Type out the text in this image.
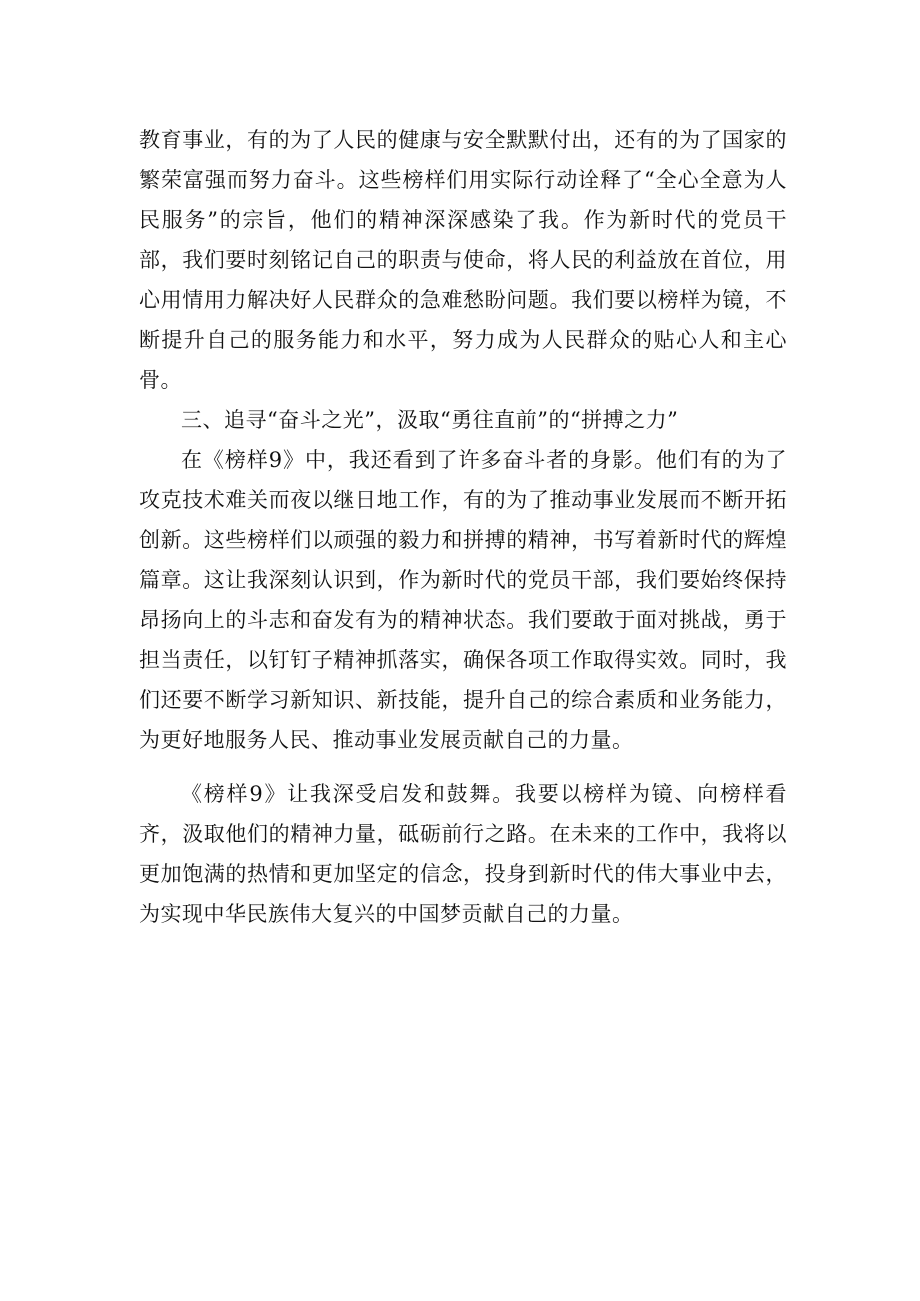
教育事业，有的为了人民的健康与安全默默付出，还有的为了国家的繁荣富强而努力奋斗。这些榜样们用实际行动诠释了“全心全意为人民服务”的宗旨，他们的精神深深感染了我。作为新时代的党员干部，我们要时刻铭记自己的职责与使命，将人民的利益放在首位，用心用情用力解决好人民群众的急难愁盼问题。我们要以榜样为镜，不断提升自己的服务能力和水平，努力成为人民群众的贴心人和主心骨。

三、追寻“奋斗之光”，汲取“勇往直前”的“拼搏之力”

在《榜样9》中，我还看到了许多奋斗者的身影。他们有的为了攻克技术难关而夜以继日地工作，有的为了推动事业发展而不断开拓创新。这些榜样们以顽强的毅力和拼搏的精神，书写着新时代的辉煌篇章。这让我深刻认识到，作为新时代的党员干部，我们要始终保持昂扬向上的斗志和奋发有为的精神状态。我们要敢于面对挑战，勇于担当责任，以钉钉子精神抓落实，确保各项工作取得实效。同时，我们还要不断学习新知识、新技能，提升自己的综合素质和业务能力，为更好地服务人民、推动事业发展贡献自己的力量。

《榜样9》让我深受启发和鼓舞。我要以榜样为镜、向榜样看齐，汲取他们的精神力量，砥砺前行之路。在未来的工作中，我将以更加饱满的热情和更加坚定的信念，投身到新时代的伟大事业中去，为实现中华民族伟大复兴的中国梦贡献自己的力量。
